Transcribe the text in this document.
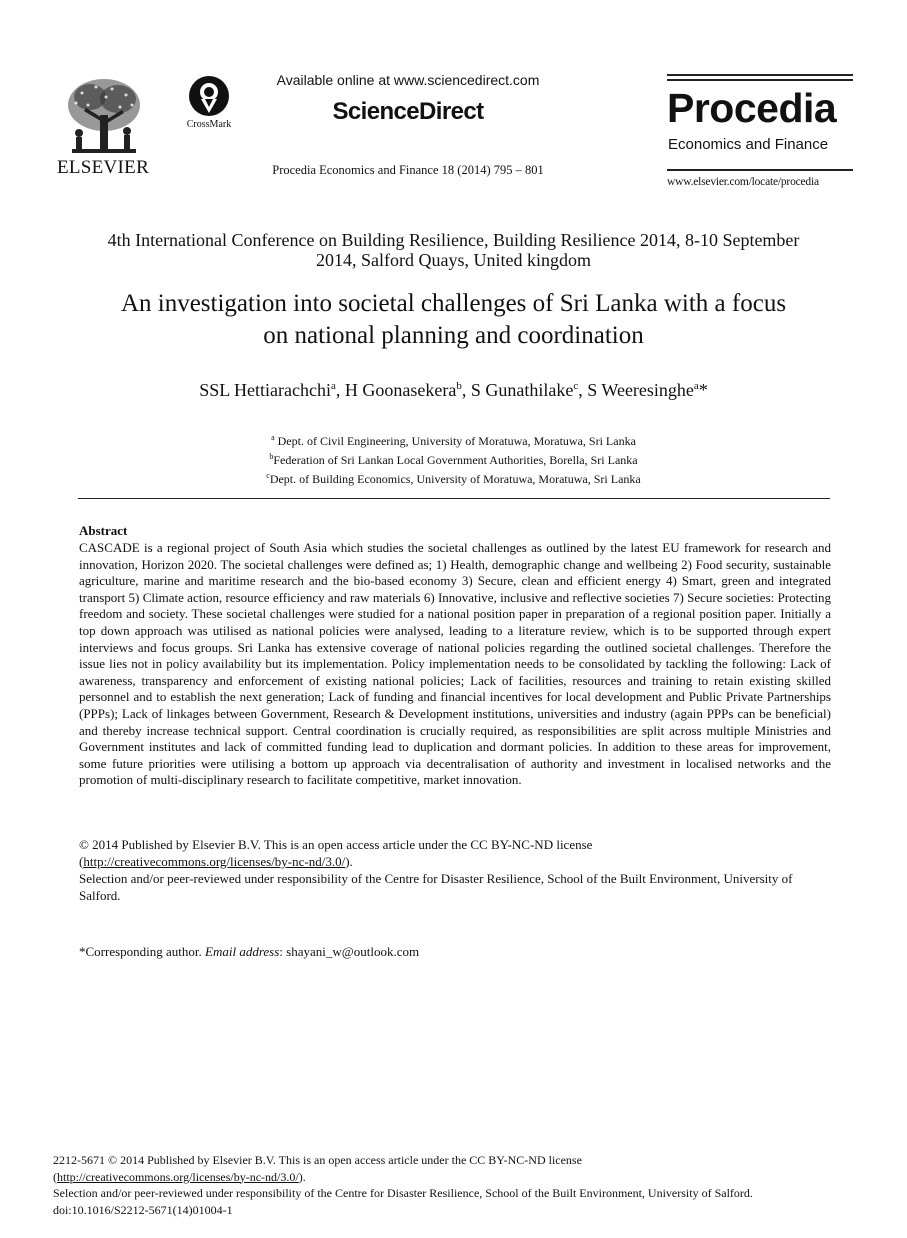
ELSEVIER
CrossMark
Available online at www.sciencedirect.com
ScienceDirect
Procedia Economics and Finance 18 (2014) 795 – 801
Procedia
Economics and Finance
www.elsevier.com/locate/procedia
4th International Conference on Building Resilience, Building Resilience 2014, 8-10 September
2014, Salford Quays, United kingdom
An investigation into societal challenges of Sri Lanka with a focus
on national planning and coordination
SSL Hettiarachchi$^a$, H Goonasekera$^b$, S Gunathilake$^c$, S Weeresinghe$^a$*
$^a$ Dept. of Civil Engineering, University of Moratuwa, Moratuwa, Sri Lanka
$^b$Federation of Sri Lankan Local Government Authorities, Borella, Sri Lanka
$^c$Dept. of Building Economics, University of Moratuwa, Moratuwa, Sri Lanka
Abstract
CASCADE is a regional project of South Asia which studies the societal challenges as outlined by the latest EU framework for research and innovation, Horizon 2020. The societal challenges were defined as; 1) Health, demographic change and wellbeing 2) Food security, sustainable agriculture, marine and maritime research and the bio-based economy 3) Secure, clean and efficient energy 4) Smart, green and integrated transport 5) Climate action, resource efficiency and raw materials 6) Innovative, inclusive and reflective societies 7) Secure societies: Protecting freedom and society. These societal challenges were studied for a national position paper in preparation of a regional position paper. Initially a top down approach was utilised as national policies were analysed, leading to a literature review, which is to be supported through expert interviews and focus groups. Sri Lanka has extensive coverage of national policies regarding the outlined societal challenges. Therefore the issue lies not in policy availability but its implementation. Policy implementation needs to be consolidated by tackling the following: Lack of awareness, transparency and enforcement of existing national policies; Lack of facilities, resources and training to retain existing skilled personnel and to establish the next generation; Lack of funding and financial incentives for local development and Public Private Partnerships (PPPs); Lack of linkages between Government, Research & Development institutions, universities and industry (again PPPs can be beneficial) and thereby increase technical support. Central coordination is crucially required, as responsibilities are split across multiple Ministries and Government institutes and lack of committed funding lead to duplication and dormant policies. In addition to these areas for improvement, some future priorities were utilising a bottom up approach via decentralisation of authority and investment in localised networks and the promotion of multi-disciplinary research to facilitate competitive, market innovation.
© 2014 Published by Elsevier B.V. This is an open access article under the CC BY-NC-ND license
(http://creativecommons.org/licenses/by-nc-nd/3.0/).
Selection and/or peer-reviewed under responsibility of the Centre for Disaster Resilience, School of the Built Environment, University of Salford.
*Corresponding author. Email address: shayani_w@outlook.com
2212-5671 © 2014 Published by Elsevier B.V. This is an open access article under the CC BY-NC-ND license
(http://creativecommons.org/licenses/by-nc-nd/3.0/).
Selection and/or peer-reviewed under responsibility of the Centre for Disaster Resilience, School of the Built Environment, University of Salford.
doi:10.1016/S2212-5671(14)01004-1
